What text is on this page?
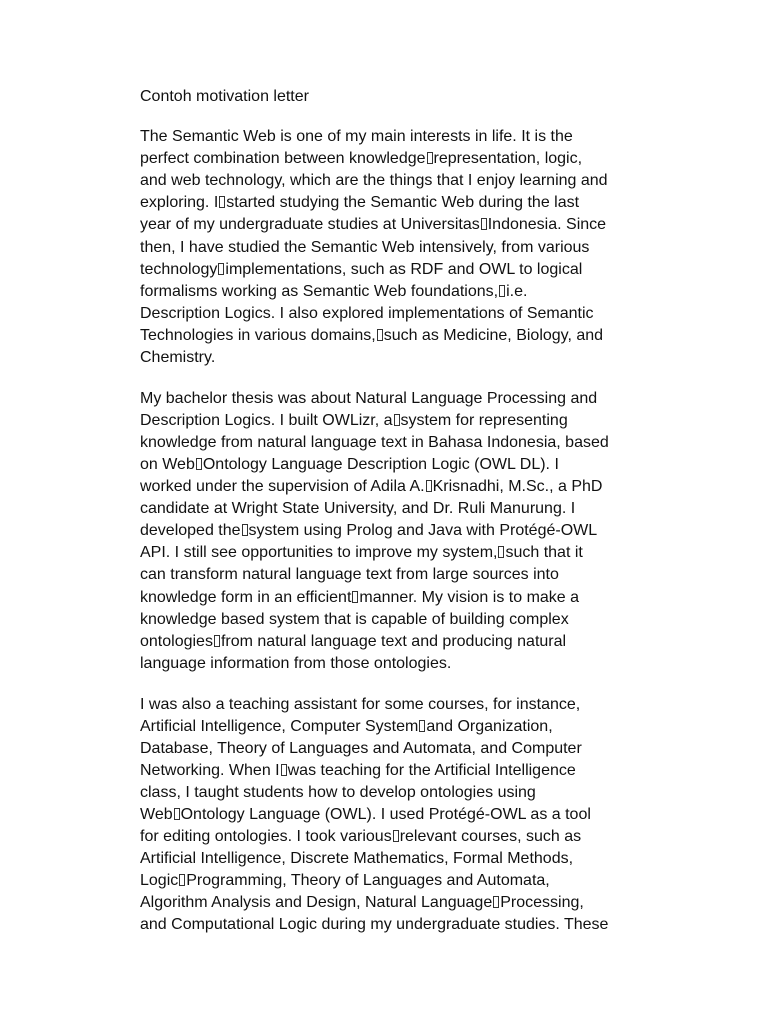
Contoh motivation letter
The Semantic Web is one of my main interests in life. It is the
perfect combination between knowledge representation, logic,
and web technology, which are the things that I enjoy learning and
exploring. I started studying the Semantic Web during the last
year of my undergraduate studies at Universitas Indonesia. Since
then, I have studied the Semantic Web intensively, from various
technology implementations, such as RDF and OWL to logical
formalisms working as Semantic Web foundations, i.e.
Description Logics. I also explored implementations of Semantic
Technologies in various domains, such as Medicine, Biology, and
Chemistry.
My bachelor thesis was about Natural Language Processing and
Description Logics. I built OWLizr, a system for representing
knowledge from natural language text in Bahasa Indonesia, based
on Web Ontology Language Description Logic (OWL DL). I
worked under the supervision of Adila A. Krisnadhi, M.Sc., a PhD
candidate at Wright State University, and Dr. Ruli Manurung. I
developed the system using Prolog and Java with Protégé-OWL
API. I still see opportunities to improve my system, such that it
can transform natural language text from large sources into
knowledge form in an efficient manner. My vision is to make a
knowledge based system that is capable of building complex
ontologies from natural language text and producing natural
language information from those ontologies.
I was also a teaching assistant for some courses, for instance,
Artificial Intelligence, Computer System and Organization,
Database, Theory of Languages and Automata, and Computer
Networking. When I was teaching for the Artificial Intelligence
class, I taught students how to develop ontologies using
Web Ontology Language (OWL). I used Protégé-OWL as a tool
for editing ontologies. I took various relevant courses, such as
Artificial Intelligence, Discrete Mathematics, Formal Methods,
Logic Programming, Theory of Languages and Automata,
Algorithm Analysis and Design, Natural Language Processing,
and Computational Logic during my undergraduate studies. These
